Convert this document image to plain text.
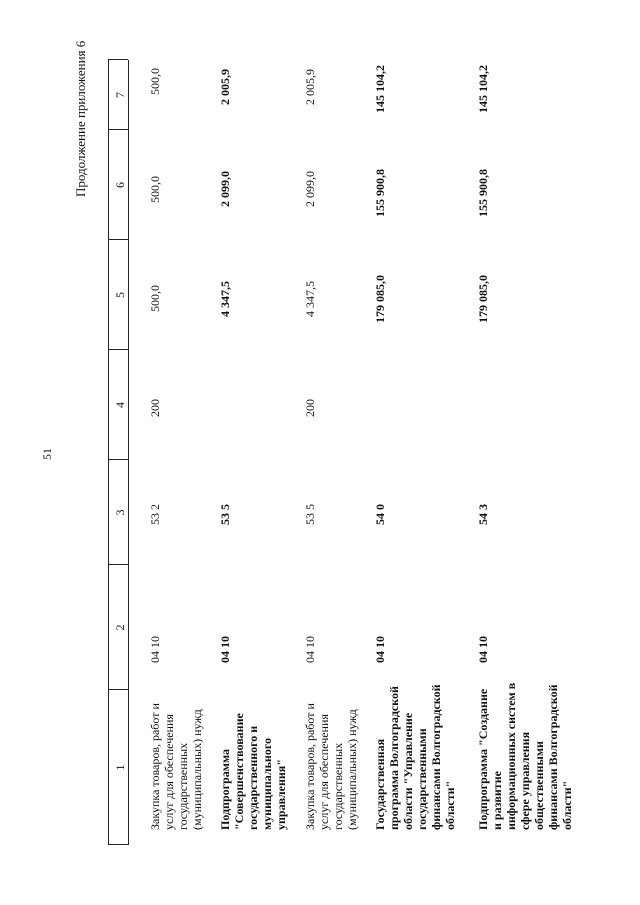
51
Продолжение приложения 6
1
2
3
4
5
6
7
Закупка товаров, работ и услуг для обеспечения государственных (муниципальных) нужд
04 10
53 2
200
500,0
500,0
500,0
Подпрограмма "Совершенствование государственного и муниципального управления"
04 10
53 5
4 347,5
2 099,0
2 005,9
Закупка товаров, работ и услуг для обеспечения государственных (муниципальных) нужд
04 10
53 5
200
4 347,5
2 099,0
2 005,9
Государственная программа Волгоградской области "Управление государственными финансами Волгоградской области"
04 10
54 0
179 085,0
155 900,8
145 104,2
Подпрограмма "Создание и развитие информационных систем в сфере управления общественными финансами Волгоградской области"
04 10
54 3
179 085,0
155 900,8
145 104,2
